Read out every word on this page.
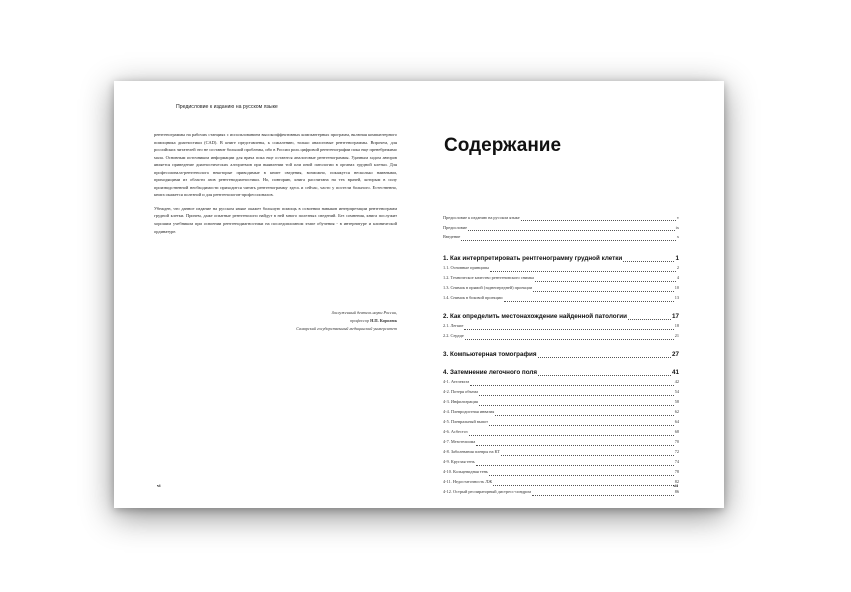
Предисловие к изданию на русском языке

рентгенограммы на рабочих станциях с использованием высокоэффективных компьютерных программ, включая компьютерного помощника диагностики (CAD). В книге представлены, к сожалению, только аналоговые рентгенограммы. Впрочем, для российских читателей это не составит большой проблемы, ибо в России роль цифровой рентгенографии пока еще пренебрежимо мала. Основным источником информации для врача пока еще остаются аналоговые рентгенограммы. Удачным ходом авторов является приведение диагностических алгоритмов при выявлении той или иной патологии в органах грудной клетки. Для профессионала-рентгенолога некоторые приводимые в книге сведения, возможно, покажутся несколько наивными, приходящими из области азов рентгенодиагностики. Но, повторяю, книга рассчитана на тех врачей, которым в силу производственной необходимости приходится читать рентгенограмму здесь и сейчас, часто у постели больного. Естественно, книга окажется полезной и для рентгенологов-профессионалов.

Убежден, что данное издание на русском языке окажет большую помощь в освоении навыков интерпретации рентгенограмм грудной клетки. Причем, даже опытные рентгенологи найдут в ней много полезных сведений. Без сомнения, книга послужит хорошим учебником при освоении рентгенодиагностики на последипломном этапе обучения - в интернатуре и клинической ординатуре.

Заслуженный деятель науки России,
профессор Н.П. Королюк
Самарский государственный медицинский университет
vi
Содержание
Предисловие к изданию на русском языке	v
Предисловие	ix
Введение	x
1. Как интерпретировать рентгенограмму грудной клетки	1
1.1. Основные принципы	2
1.2. Техническое качество рентгеновского снимка	4
1.3. Снимок в прямой (заднепередней) проекции	10
1.4. Снимок в боковой проекции	13
2. Как определить местонахождение найденной патологии	17
2.1. Легкие	18
2.2. Сердце	21
3. Компьютерная томография	27
4. Затемнение легочного поля	41
4-1. Ателектаз	42
4-2. Потеря объема	54
4-3. Инфильтрация	58
4-4. Плевродистная инвазия	62
4-5. Плевральный выпот	64
4-6. Асбестоз	68
4-7. Мезотелиома	70
4-8. Заболевания плевры на КТ	72
4-9. Круглая тень	74
4-10. Кольцевидная тень	78
4-11. Недостаточность ЛЖ	82
4-12. Острый респираторный дистресс-синдром	86
vii
